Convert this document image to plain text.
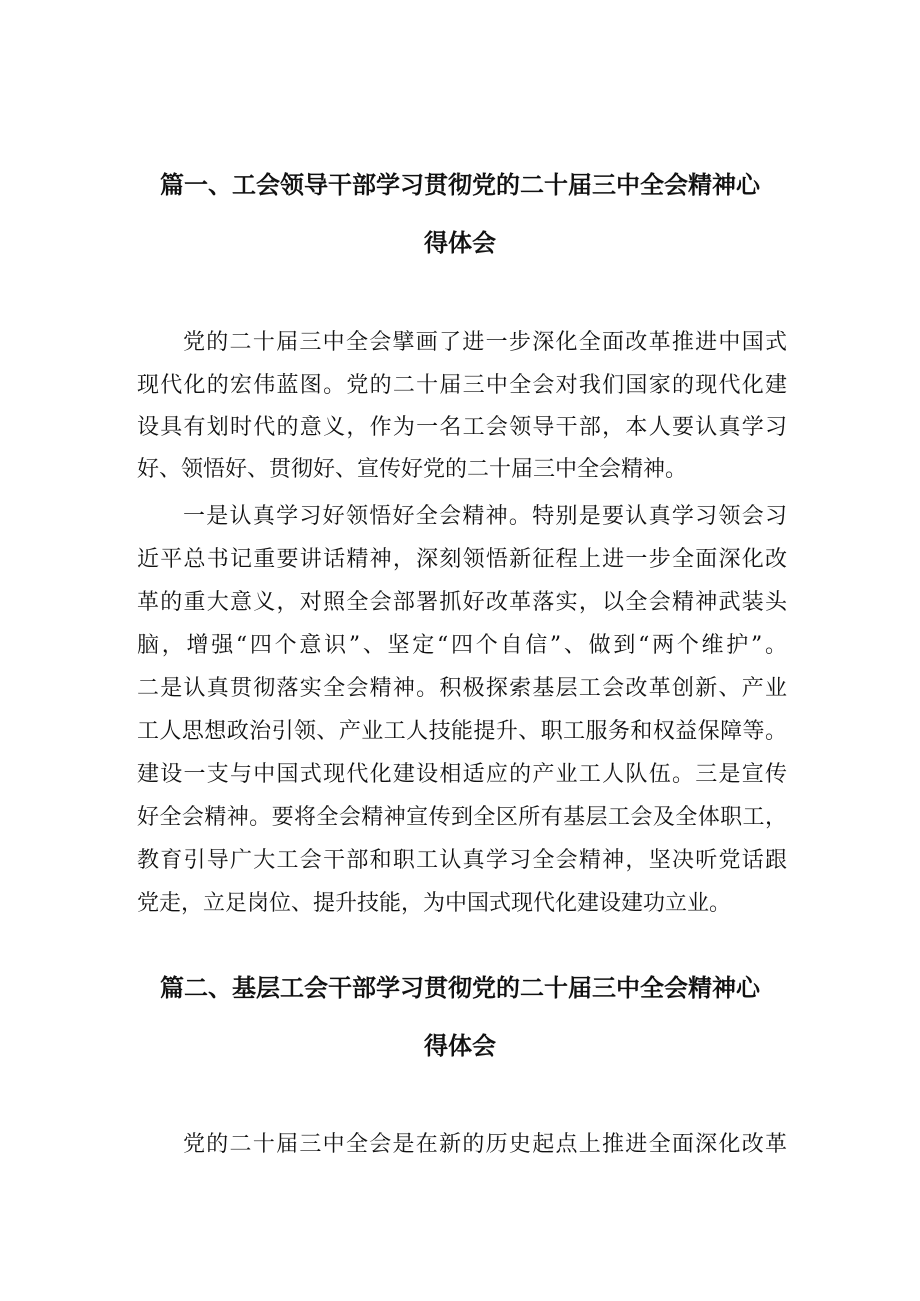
篇一、工会领导干部学习贯彻党的二十届三中全会精神心
得体会
党的二十届三中全会擘画了进一步深化全面改革推进中国式
现代化的宏伟蓝图。党的二十届三中全会对我们国家的现代化建
设具有划时代的意义，作为一名工会领导干部，本人要认真学习
好、领悟好、贯彻好、宣传好党的二十届三中全会精神。
一是认真学习好领悟好全会精神。特别是要认真学习领会习
近平总书记重要讲话精神，深刻领悟新征程上进一步全面深化改
革的重大意义，对照全会部署抓好改革落实，以全会精神武装头
脑，增强“四个意识”、坚定“四个自信”、做到“两个维护”。
二是认真贯彻落实全会精神。积极探索基层工会改革创新、产业
工人思想政治引领、产业工人技能提升、职工服务和权益保障等。
建设一支与中国式现代化建设相适应的产业工人队伍。三是宣传
好全会精神。要将全会精神宣传到全区所有基层工会及全体职工，
教育引导广大工会干部和职工认真学习全会精神，坚决听党话跟
党走，立足岗位、提升技能，为中国式现代化建设建功立业。
篇二、基层工会干部学习贯彻党的二十届三中全会精神心
得体会
党的二十届三中全会是在新的历史起点上推进全面深化改革
